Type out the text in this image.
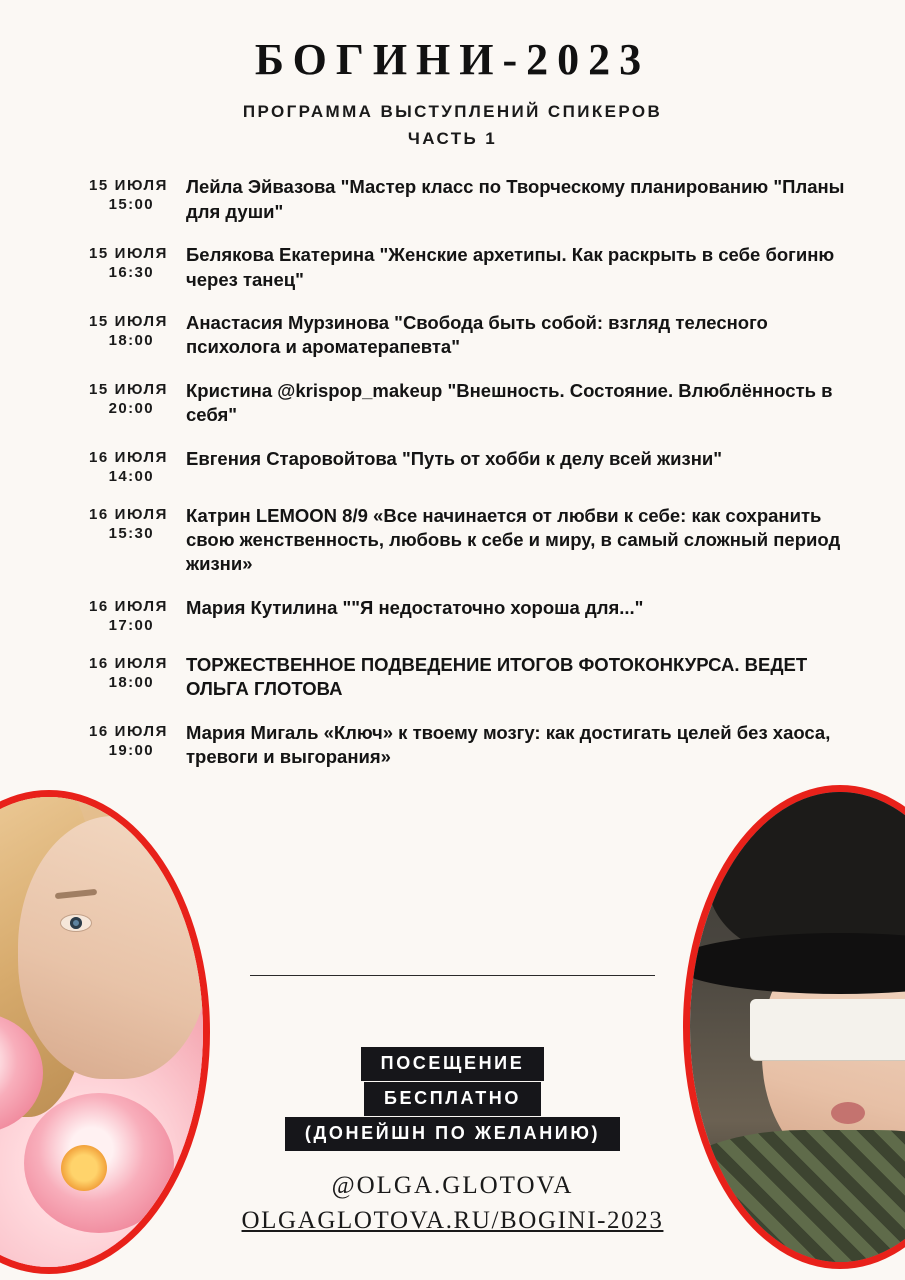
БОГИНИ-2023
ПРОГРАММА ВЫСТУПЛЕНИЙ СПИКЕРОВ
ЧАСТЬ 1
15 ИЮЛЯ
15:00
Лейла Эйвазова "Мастер класс по Творческому планированию "Планы для души"
15 ИЮЛЯ
16:30
Белякова Екатерина "Женские архетипы. Как раскрыть в себе богиню через танец"
15 ИЮЛЯ
18:00
Анастасия Мурзинова "Свобода быть собой: взгляд телесного психолога и ароматерапевта"
15 ИЮЛЯ
20:00
Кристина @krispop_makeup "Внешность. Состояние. Влюблённость в себя"
16 ИЮЛЯ
14:00
Евгения Старовойтова "Путь от хобби к делу всей жизни"
16 ИЮЛЯ
15:30
Катрин LEMOON 8/9 «Все начинается от любви к себе: как сохранить свою женственность, любовь к себе и миру, в самый сложный период жизни»
16 ИЮЛЯ
17:00
Мария Кутилина ""Я недостаточно хороша для..."
16 ИЮЛЯ
18:00
ТОРЖЕСТВЕННОЕ ПОДВЕДЕНИЕ ИТОГОВ ФОТОКОНКУРСА. ВЕДЕТ ОЛЬГА ГЛОТОВА
16 ИЮЛЯ
19:00
Мария Мигаль «Ключ» к твоему мозгу: как достигать целей без хаоса, тревоги и выгорания»
ПОСЕЩЕНИЕ
БЕСПЛАТНО
(ДОНЕЙШН ПО ЖЕЛАНИЮ)
@OLGA.GLOTOVA
OLGAGLOTOVA.RU/BOGINI-2023
